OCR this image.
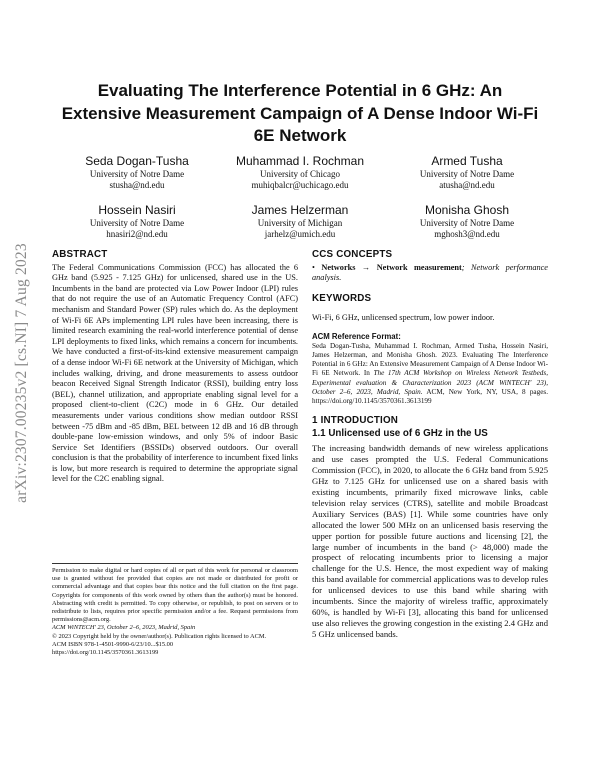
arXiv:2307.00235v2 [cs.NI] 7 Aug 2023
Evaluating The Interference Potential in 6 GHz: An Extensive Measurement Campaign of A Dense Indoor Wi-Fi 6E Network
Seda Dogan-Tusha
University of Notre Dame
stusha@nd.edu
Muhammad I. Rochman
University of Chicago
muhiqbalcr@uchicago.edu
Armed Tusha
University of Notre Dame
atusha@nd.edu
Hossein Nasiri
University of Notre Dame
hnasiri2@nd.edu
James Helzerman
University of Michigan
jarhelz@umich.edu
Monisha Ghosh
University of Notre Dame
mghosh3@nd.edu
ABSTRACT

The Federal Communications Commission (FCC) has allocated the 6 GHz band (5.925 - 7.125 GHz) for unlicensed, shared use in the US. Incumbents in the band are protected via Low Power Indoor (LPI) rules that do not require the use of an Automatic Frequency Control (AFC) mechanism and Standard Power (SP) rules which do. As the deployment of Wi-Fi 6E APs implementing LPI rules have been increasing, there is limited research examining the real-world interference potential of dense LPI deployments to fixed links, which remains a concern for incumbents. We have conducted a first-of-its-kind extensive measurement campaign of a dense indoor Wi-Fi 6E network at the University of Michigan, which includes walking, driving, and drone measurements to assess outdoor beacon Received Signal Strength Indicator (RSSI), building entry loss (BEL), channel utilization, and appropriate enabling signal level for a proposed client-to-client (C2C) mode in 6 GHz. Our detailed measurements under various conditions show median outdoor RSSI between -75 dBm and -85 dBm, BEL between 12 dB and 16 dB through double-pane low-emission windows, and only 5% of indoor Basic Service Set Identifiers (BSSIDs) observed outdoors. Our overall conclusion is that the probability of interference to incumbent fixed links is low, but more research is required to determine the appropriate signal level for the C2C enabling signal.

Permission to make digital or hard copies of all or part of this work for personal or classroom use is granted without fee provided that copies are not made or distributed for profit or commercial advantage and that copies bear this notice and the full citation on the first page. Copyrights for components of this work owned by others than the author(s) must be honored. Abstracting with credit is permitted. To copy otherwise, or republish, to post on servers or to redistribute to lists, requires prior specific permission and/or a fee. Request permissions from permissions@acm.org.

ACM WiNTECH' 23, October 2–6, 2023, Madrid, Spain

© 2023 Copyright held by the owner/author(s). Publication rights licensed to ACM.

ACM ISBN 978-1-4501-9990-6/23/10...$15.00

https://doi.org/10.1145/3570361.3613199

CCS CONCEPTS

• Networks → Network measurement; Network performance analysis.

KEYWORDS

Wi-Fi, 6 GHz, unlicensed spectrum, low power indoor.

ACM Reference Format:

Seda Dogan-Tusha, Muhammad I. Rochman, Armed Tusha, Hossein Nasiri, James Helzerman, and Monisha Ghosh. 2023. Evaluating The Interference Potential in 6 GHz: An Extensive Measurement Campaign of A Dense Indoor Wi-Fi 6E Network. In The 17th ACM Workshop on Wireless Network Testbeds, Experimental evaluation & Characterization 2023 (ACM WiNTECH' 23), October 2–6, 2023, Madrid, Spain. ACM, New York, NY, USA, 8 pages. https://doi.org/10.1145/3570361.3613199

1 INTRODUCTION
1.1 Unlicensed use of 6 GHz in the US

The increasing bandwidth demands of new wireless applications and use cases prompted the U.S. Federal Communications Commission (FCC), in 2020, to allocate the 6 GHz band from 5.925 GHz to 7.125 GHz for unlicensed use on a shared basis with existing incumbents, primarily fixed microwave links, cable television relay services (CTRS), satellite and mobile Broadcast Auxiliary Services (BAS) [1]. While some countries have only allocated the lower 500 MHz on an unlicensed basis reserving the upper portion for possible future auctions and licensing [2], the large number of incumbents in the band (> 48,000) made the prospect of relocating incumbents prior to licensing a major challenge for the U.S. Hence, the most expedient way of making this band available for commercial applications was to develop rules for unlicensed devices to use this band while sharing with incumbents. Since the majority of wireless traffic, approximately 60%, is handled by Wi-Fi [3], allocating this band for unlicensed use also relieves the growing congestion in the existing 2.4 GHz and 5 GHz unlicensed bands.
